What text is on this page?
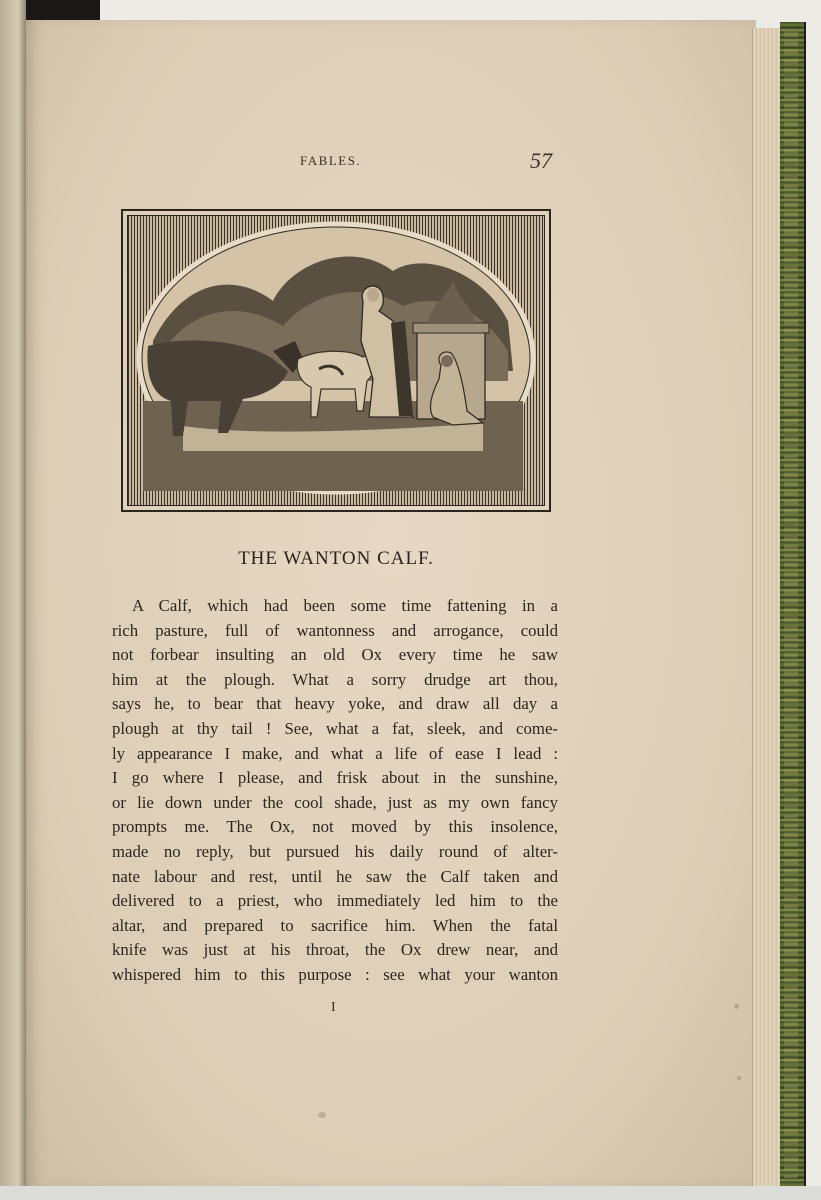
FABLES.	57
THE WANTON CALF.
A Calf, which had been some time fattening in a
rich pasture, full of wantonness and arrogance, could
not forbear insulting an old Ox every time he saw
him at the plough. What a sorry drudge art thou,
says he, to bear that heavy yoke, and draw all day a
plough at thy tail ! See, what a fat, sleek, and come-
ly appearance I make, and what a life of ease I lead :
I go where I please, and frisk about in the sunshine,
or lie down under the cool shade, just as my own fancy
prompts me. The Ox, not moved by this insolence,
made no reply, but pursued his daily round of alter-
nate labour and rest, until he saw the Calf taken and
delivered to a priest, who immediately led him to the
altar, and prepared to sacrifice him. When the fatal
knife was just at his throat, the Ox drew near, and
whispered him to this purpose : see what your wanton
I
